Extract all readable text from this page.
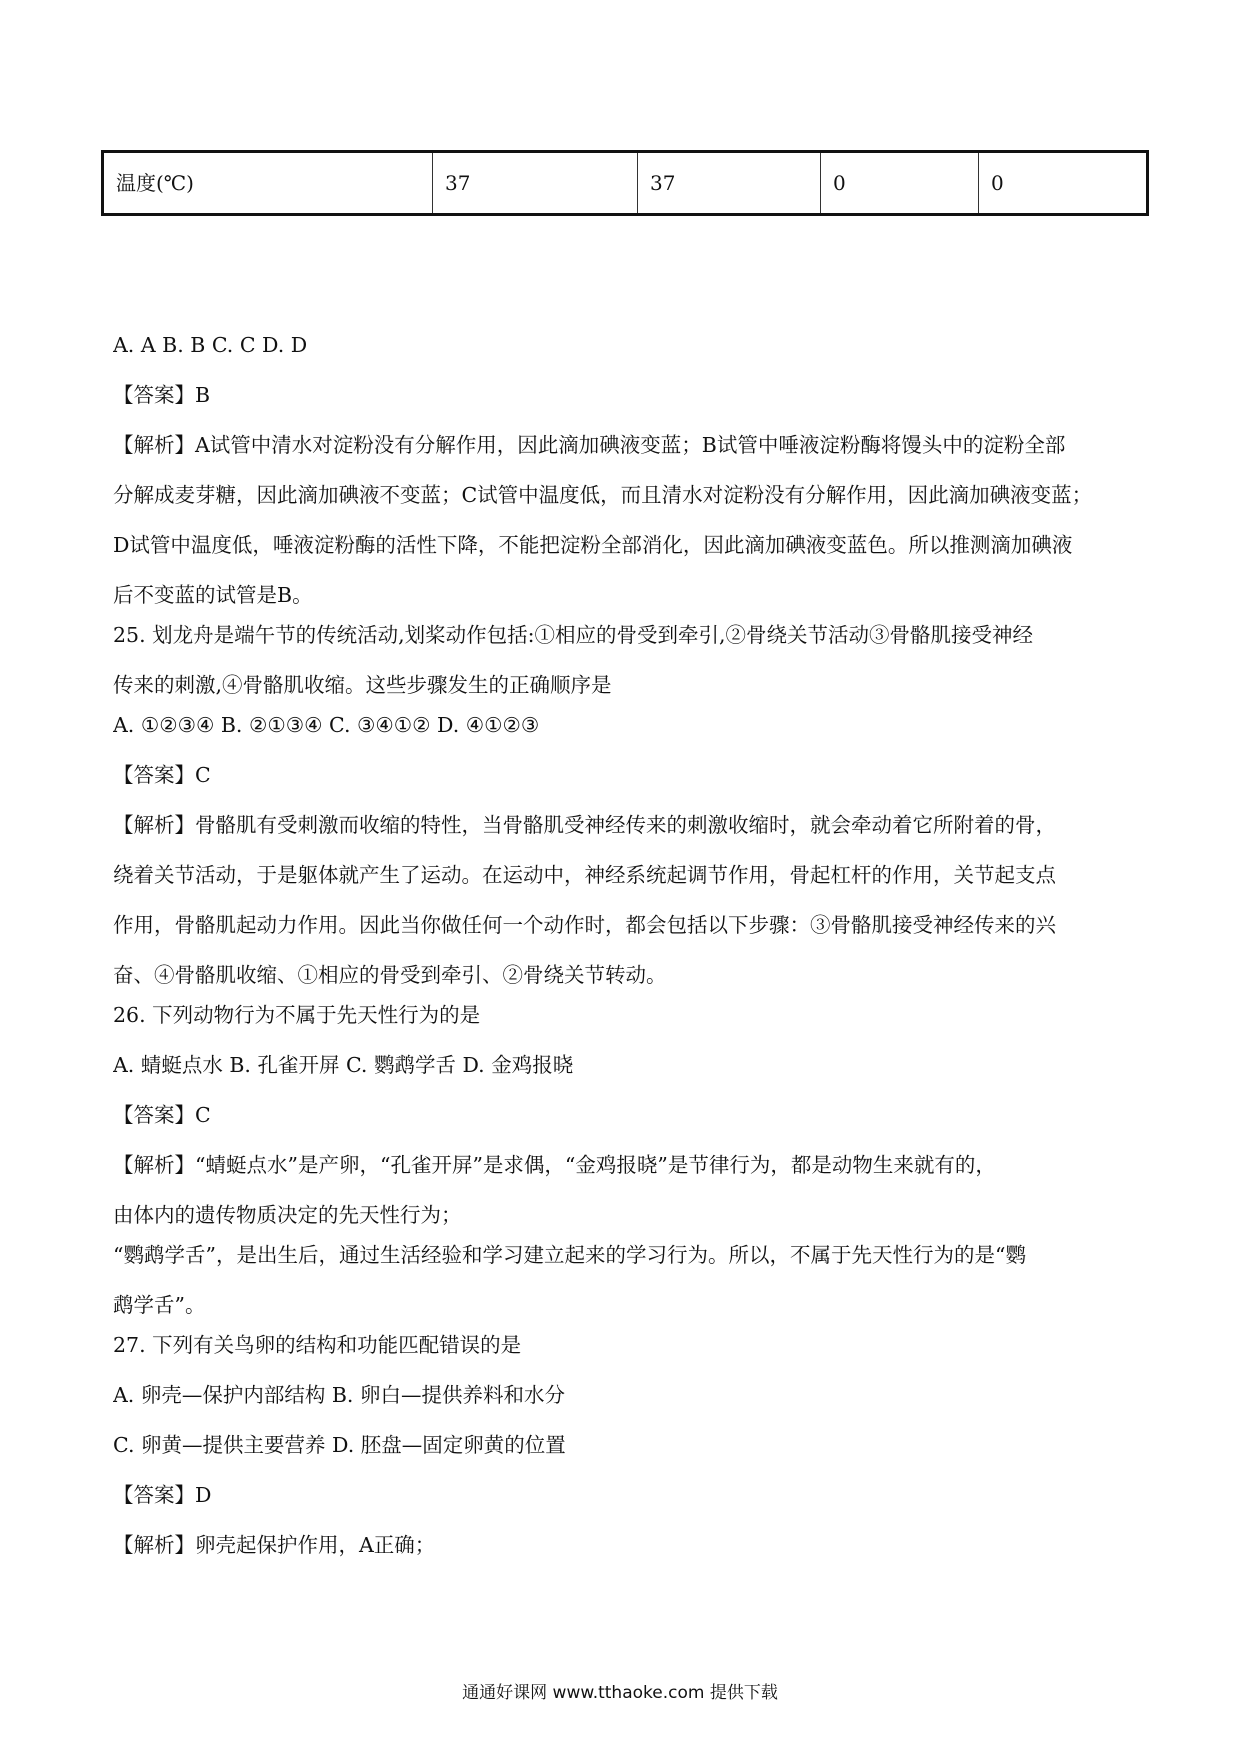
温度(℃)	37	37	0	0
A. A B. B C. C D. D
【答案】B
【解析】A试管中清水对淀粉没有分解作用，因此滴加碘液变蓝；B试管中唾液淀粉酶将馒头中的淀粉全部
分解成麦芽糖，因此滴加碘液不变蓝；C试管中温度低，而且清水对淀粉没有分解作用，因此滴加碘液变蓝；
D试管中温度低，唾液淀粉酶的活性下降，不能把淀粉全部消化，因此滴加碘液变蓝色。所以推测滴加碘液
后不变蓝的试管是B。
25. 划龙舟是端午节的传统活动,划桨动作包括:①相应的骨受到牵引,②骨绕关节活动③骨骼肌接受神经
传来的刺激,④骨骼肌收缩。这些步骤发生的正确顺序是
A. ①②③④ B. ②①③④ C. ③④①② D. ④①②③
【答案】C
【解析】骨骼肌有受刺激而收缩的特性，当骨骼肌受神经传来的刺激收缩时，就会牵动着它所附着的骨，
绕着关节活动，于是躯体就产生了运动。在运动中，神经系统起调节作用，骨起杠杆的作用，关节起支点
作用，骨骼肌起动力作用。因此当你做任何一个动作时，都会包括以下步骤：③骨骼肌接受神经传来的兴
奋、④骨骼肌收缩、①相应的骨受到牵引、②骨绕关节转动。
26. 下列动物行为不属于先天性行为的是
A. 蜻蜓点水 B. 孔雀开屏 C. 鹦鹉学舌 D. 金鸡报晓
【答案】C
【解析】“蜻蜓点水”是产卵，“孔雀开屏”是求偶，“金鸡报晓”是节律行为，都是动物生来就有的，
由体内的遗传物质决定的先天性行为；
“鹦鹉学舌”，是出生后，通过生活经验和学习建立起来的学习行为。所以，不属于先天性行为的是“鹦
鹉学舌”。
27. 下列有关鸟卵的结构和功能匹配错误的是
A. 卵壳—保护内部结构 B. 卵白—提供养料和水分
C. 卵黄—提供主要营养 D. 胚盘—固定卵黄的位置
【答案】D
【解析】卵壳起保护作用，A正确；
通通好课网 www.tthaoke.com 提供下载
